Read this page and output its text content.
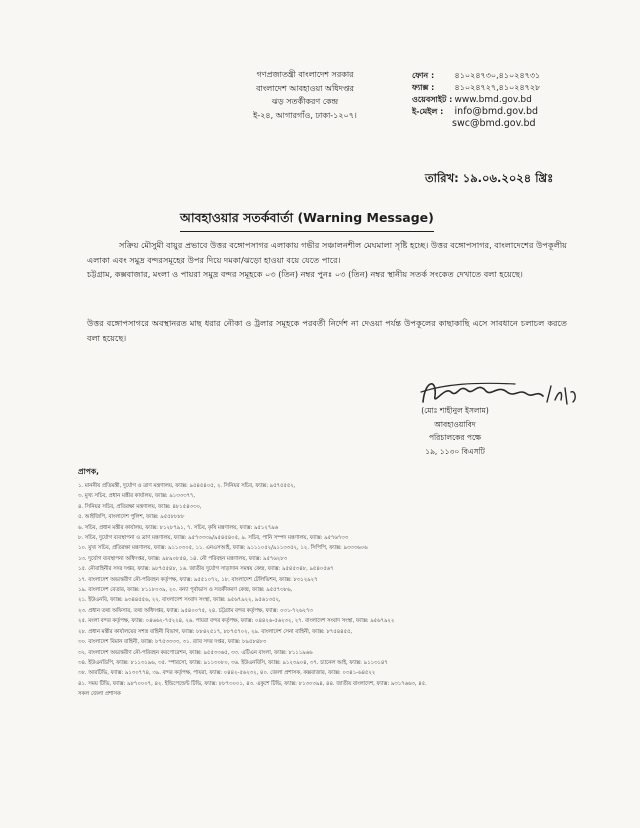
গণপ্রজাতন্ত্রী বাংলাদেশ সরকার
বাংলাদেশ আবহাওয়া অধিদপ্তর
ঝড় সতর্কীকরণ কেন্দ্র
ই-২৪, আগারগাঁও, ঢাকা-১২০৭।
ফোন :	৪১০২৪৭৩০,৪১০২৪৭৩১
ফ্যাক্স :	৪১০২৪৭২৭,৪১০২৪৭২৮
ওয়েবসাইট : www.bmd.gov.bd
ই-মেইল : info@bmd.gov.bd
swc@bmd.gov.bd
তারিখ: ১৯.০৬.২০২৪ খ্রিঃ
আবহাওয়ার সতর্কবার্তা (Warning Message)
সক্রিয় মৌসুমী বায়ুর প্রভাবে উত্তর বঙ্গোপসাগর এলাকায় গভীর সঞ্চালনশীল মেঘমালা সৃষ্টি হচ্ছে। উত্তর বঙ্গোপসাগর, বাংলাদেশের উপকূলীয় এলাকা এবং সমুদ্র বন্দরসমূহের উপর দিয়ে দমকা/ঝড়ো হাওয়া বয়ে যেতে পারে।
চট্টগ্রাম, কক্সবাজার, মংলা ও পায়রা সমুদ্র বন্দর সমূহকে ০৩ (তিন) নম্বর পুনঃ ০৩ (তিন) নম্বর স্থানীয় সতর্ক সংকেত দেখাতে বলা হয়েছে।
উত্তর বঙ্গোপসাগরে অবস্থানরত মাছ ধরার নৌকা ও ট্রলার সমূহকে পরবর্তী নির্দেশ না দেওয়া পর্যন্ত উপকূলের কাছাকাছি এসে সাবধানে চলাচল করতে বলা হয়েছে।
(মোঃ শাহীনুল ইসলাম)
আবহাওয়াবিদ
পরিচালকের পক্ষে
১৯, ১১৩০ বিএসটি
প্রাপক,
১. মাননীয় প্রতিমন্ত্রী, দুর্যোগ ও ত্রাণ মন্ত্রণালয়, ফ্যাক্স: ৯৫৪৫৪০৫, ২. সিনিয়র সচিব, ফ্যাক্স: ৯৫৭৫৫৫২,
৩. মুখ্য সচিব, প্রধান মন্ত্রীর কার্যালয়, ফ্যাক্স: ৯১৩৩৩৭৭,
৪. সিনিয়র সচিব, প্রতিরক্ষা মন্ত্রণালয়, ফ্যাক্স: ৪৮১৫৪৩৩০,
৫. আইজিপি, বাংলাদেশ পুলিশ, ফ্যাক্স: ৯৫৫৮৮৮৮
৬. সচিব, প্রধান মন্ত্রীর কার্যালয়, ফ্যাক্স: ৮১২৮৭৯১, ৭. সচিব, কৃষি মন্ত্রণালয়, ফ্যাক্স: ৯৫১২৭৯৬
৮. সচিব, দুর্যোগ ব্যবস্থাপনা ও ত্রাণ মন্ত্রণালয়, ফ্যাক্স: ৯৫৭৩৩৩৯/৯৫৪৫৪০৫, ৯. সচিব, পানি সম্পদ মন্ত্রণালয়, ফ্যাক্স: ৯৫৭৬৭৩৩
১০. মুখ্য সচিব, প্রতিরক্ষা মন্ত্রণালয়, ফ্যাক্স: ৯১১০৩০৫, ১১. এনএসআই, ফ্যাক্স: ৯১১১০৫২/৯১১৩৩৫২, ১২. সিপিপি, ফ্যাক্স: ৯৩৩৩৬০৬
১৩. দুর্যোগ ব্যবস্থাপনা অধিদপ্তর, ফ্যাক্স: ৯৮৯০৮৫৪, ১৪. নৌ পরিবহন মন্ত্রণালয়, ফ্যাক্স: ৯৫৭৬২৮৩
১৫. নৌবাহিনীর সদর দপ্তর, ফ্যাক্স: ৯৮৭৫৫৪৮, ১৬. জাতীয় দুর্যোগ সাড়াদান সমন্বয় কেন্দ্র, ফ্যাক্স: ৯৫৪৫৩৪৮, ৯৫৪০৫৬৭
১৭. বাংলাদেশ অভ্যন্তরীণ নৌ-পরিবহন কর্তৃপক্ষ, ফ্যাক্স: ৯৫৫১০৭২, ১৮. বাংলাদেশ টেলিভিশন, ফ্যাক্স: ৮৩১২৯২৭
১৯. বাংলাদেশ বেতার, ফ্যাক্স: ৮১১৮০৩৯, ২০. বন্যা পূর্বাভাস ও সতর্কীকরণ কেন্দ্র, ফ্যাক্স: ৯৫৫৭৩৮৬,
২১. ইউএনবি, ফ্যাক্স: ৯৩৪৪৫৫৬, ২২. বাংলাদেশ সংবাদ সংস্থা, ফ্যাক্স: ৯৫৬৭৯২২, ৯৫৬১৩৫২,
২৩. প্রধান তথ্য অফিসার, তথ্য অধিদপ্তর, ফ্যাক্স: ৯৫৪০০৭৫, ২৪. চট্টগ্রাম বন্দর কর্তৃপক্ষ, ফ্যাক্স: ০৩১-৭২৬২৭৩
২৫. মংলা বন্দর কর্তৃপক্ষ, ফ্যাক্স: ০৪৬৬২-৭৫২২৪, ২৬. পায়রা বন্দর কর্তৃপক্ষ, ফ্যাক্স: ০৪৪২৬-৫৬২৩২, ২৭. বাংলাদেশ সংবাদ সংস্থা, ফ্যাক্স: ৯৫৬৭৯২২
২৮. প্রধান মন্ত্রীর কার্যালয়ের সশস্ত্র বাহিনী বিভাগ, ফ্যাক্স: ৮৮৪২৫১৭, ৮৮৭৫৭০২, ২৯. বাংলাদেশ সেনা বাহিনী, ফ্যাক্স: ৮৭৫৪৪৫৫,
৩০. বাংলাদেশ বিমান বাহিনী, ফ্যাক্স: ৮৭৫৩৩৩৩, ৩১. র‍্যাব সদর দপ্তর, ফ্যাক্স: ৮৯৫৮৪৮৩
৩২. বাংলাদেশ অভ্যন্তরীণ নৌ-পরিবহন করপোরেশন, ফ্যাক্স: ৯৫৫৩৩৬৫, ৩৩. এটিএন বাংলা, ফ্যাক্স: ৮১১১৯৬৬
৩৪. ইউএনডিপি, ফ্যাক্স: ৮১১৩১৯৬, ৩৫. স্পারসো, ফ্যাক্স: ৯১১৩০৮০, ৩৬. ইউএনবিসি, ফ্যাক্স: ৯১২৩৯০৪, ৩৭. চ্যানেল আই, ফ্যাক্স: ৯১১৩১৪৭
৩৮. আরটিভি, ফ্যাক্স: ৯১৩০৭৭৪, ৩৯. বন্দর কর্তৃপক্ষ, পায়রা, ফ্যাক্স: ০৪৪২-৫৬২৩২, ৪০. জেলা প্রশাসক, কক্সবাজার, ফ্যাক্স: ০৩৪১-৬৪৫২২
৪১. সময় টিভি, ফ্যাক্স: ৯৮৭০০০৭, ৪২. ইন্ডিপেন্ডেন্ট টিভি, ফ্যাক্স: ৮৮৭৩০০১, ৪৩. একুশে টিভি, ফ্যাক্স: ৮১৩০৩৯৪, ৪৪. জাতীয় বাংলাদেশ, ফ্যাক্স: ৯৩১৭৬৬৩, ৪৫.
সকল জেলা প্রশাসক
